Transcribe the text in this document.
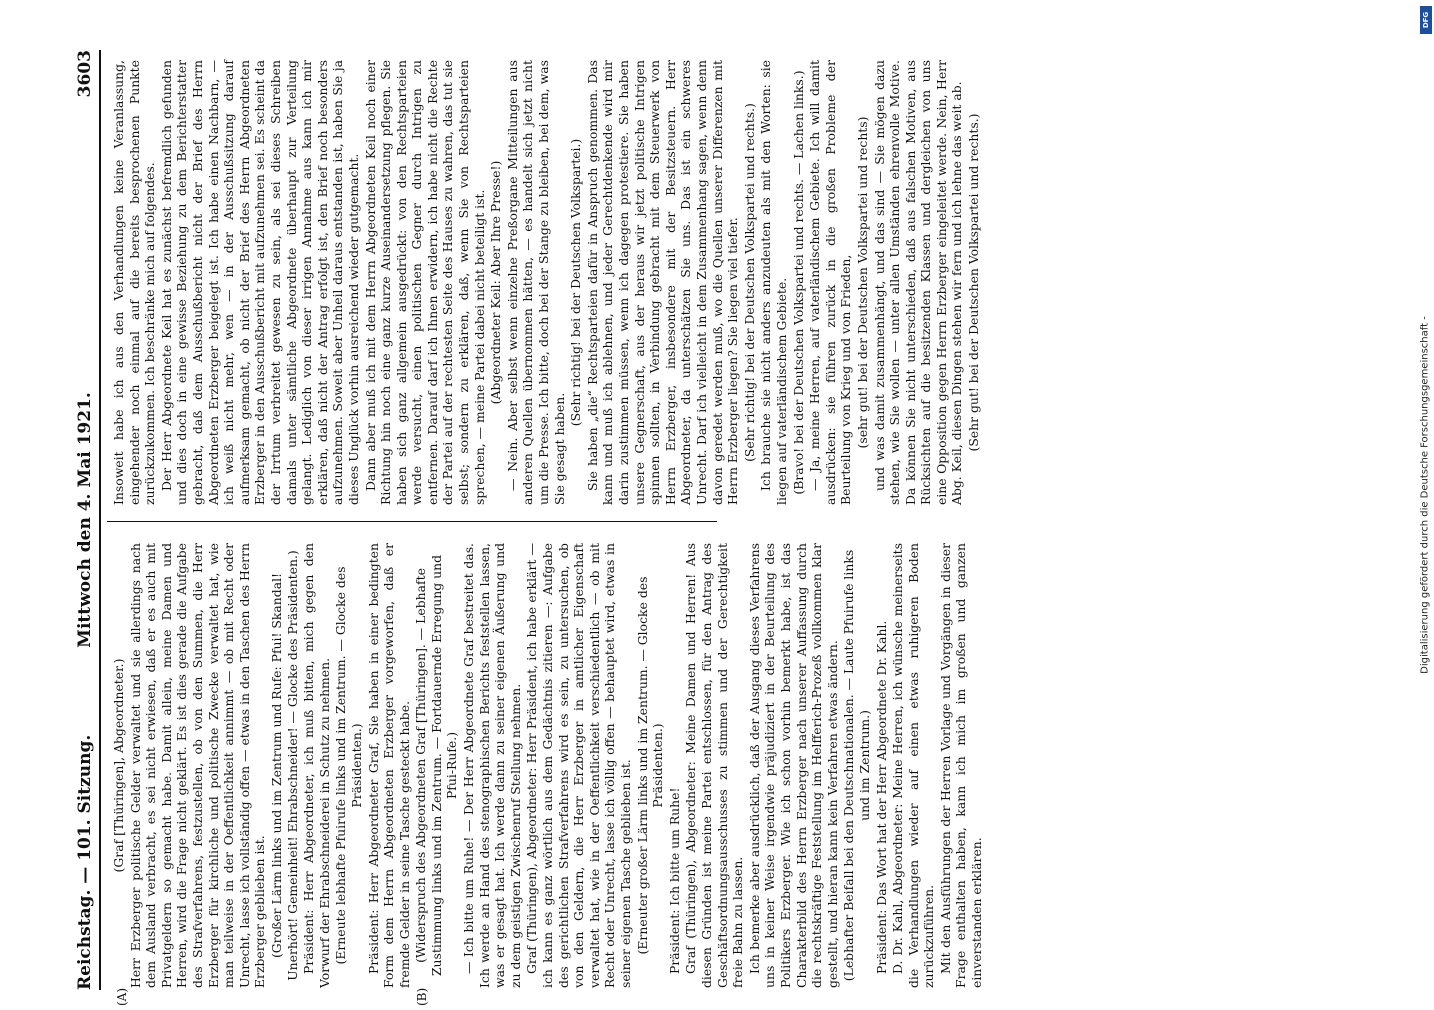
Reichstag. — 101. Sitzung.
Mittwoch den 4. Mai 1921.
3603
(A)	(B)

(Graf [Thüringen], Abgeordneter.) Herr Erzberger politische Gelder verwaltet und sie allerdings nach dem Ausland verbracht, es sei nicht erwiesen, daß er es auch mit Privatgeldern so gemacht habe. Damit allein, meine Damen und Herren, wird die Frage nicht geklärt. Es ist dies gerade die Aufgabe des Strafverfahrens, festzustellen, ob von den Summen, die Herr Erzberger für kirchliche und politische Zwecke verwaltet hat, wie man teilweise in der Oeffentlichkeit annimmt — ob mit Recht oder Unrecht, lasse ich vollständig offen — etwas in den Taschen des Herrn Erzberger geblieben ist. (Großer Lärm links und im Zentrum und Rufe: Pfui! Skandal! Unerhört! Gemeinheit! Ehrabschneider! — Glocke des Präsidenten.) Präsident: Herr Abgeordneter, ich muß bitten, mich gegen den Vorwurf der Ehrabschneiderei in Schutz zu nehmen. (Erneute lebhafte Pfuirufe links und im Zentrum. — Glocke des Präsidenten.) Präsident: Herr Abgeordneter Graf, Sie haben in einer bedingten Form dem Herrn Abgeordneten Erzberger vorgeworfen, daß er fremde Gelder in seine Tasche gesteckt habe. (Widerspruch des Abgeordneten Graf [Thüringen]. — Lebhafte Zustimmung links und im Zentrum. — Fortdauernde Erregung und Pfui-Rufe.) — Ich bitte um Ruhe! — Der Herr Abgeordnete Graf bestreitet das. Ich werde an Hand des stenographischen Berichts feststellen lassen, was er gesagt hat. Ich werde dann zu seiner eigenen Äußerung und zu dem geistigen Zwischenruf Stellung nehmen. Graf (Thüringen), Abgeordneter: Herr Präsident, ich habe erklärt — ich kann es ganz wörtlich aus dem Gedächtnis zitieren —: Aufgabe des gerichtlichen Strafverfahrens wird es sein, zu untersuchen, ob von den Geldern, die Herr Erzberger in amtlicher Eigenschaft verwaltet hat, wie in der Oeffentlichkeit verschiedentlich — ob mit Recht oder Unrecht, lasse ich völlig offen — behauptet wird, etwas in seiner eigenen Tasche geblieben ist. (Erneuter großer Lärm links und im Zentrum. — Glocke des Präsidenten.)

Präsident: Ich bitte um Ruhe! Graf (Thüringen), Abgeordneter: Meine Damen und Herren! Aus diesen Gründen ist meine Partei entschlossen, für den Antrag des Geschäftsordnungsausschusses zu stimmen und der Gerechtigkeit freie Bahn zu lassen. Ich bemerke aber ausdrücklich, daß der Ausgang dieses Verfahrens uns in keiner Weise irgendwie präjudiziert in der Beurteilung des Politikers Erzberger. Wie ich schon vorhin bemerkt habe, ist das Charakterbild des Herrn Erzberger nach unserer Auffassung durch die rechtskräftige Feststellung im Helfferich-Prozeß vollkommen klar gestellt, und hieran kann kein Verfahren etwas ändern. (Lebhafter Beifall bei den Deutschnationalen. — Laute Pfuirufe links und im Zentrum.) Präsident: Das Wort hat der Herr Abgeordnete Dr. Kahl. D. Dr. Kahl, Abgeordneter: Meine Herren, ich wünsche meinerseits die Verhandlungen wieder auf einen etwas ruhigeren Boden zurückzuführen. Mit den Ausführungen der Herren Vorlage und Vorgängen in dieser Frage enthalten haben, kann ich mich im großen und ganzen einverstanden erklären.

Insoweit habe ich aus den Verhandlungen keine Veranlassung, eingehender noch einmal auf die bereits besprochenen Punkte zurückzukommen. Ich beschränke mich auf folgendes. Der Herr Abgeordnete Keil hat es zunächst befremdlich gefunden und dies doch in eine gewisse Beziehung zu dem Berichterstatter gebracht, daß dem Ausschußbericht nicht der Brief des Herrn Abgeordneten Erzberger beigelegt ist. Ich habe einen Nachbarn, — ich weiß nicht mehr, wen — in der Ausschußsitzung darauf aufmerksam gemacht, ob nicht der Brief des Herrn Abgeordneten Erzberger in den Ausschußbericht mit aufzunehmen sei. Es scheint da der Irrtum verbreitet gewesen zu sein, als sei dieses Schreiben damals unter sämtliche Abgeordnete überhaupt zur Verteilung gelangt. Lediglich von dieser irrigen Annahme aus kann ich mir erklären, daß nicht der Antrag erfolgt ist, den Brief noch besonders aufzunehmen. Soweit aber Unheil daraus entstanden ist, haben Sie ja dieses Unglück vorhin ausreichend wieder gutgemacht. Dann aber muß ich mit dem Herrn Abgeordneten Keil noch einer Richtung hin noch eine ganz kurze Auseinandersetzung pflegen. Sie haben sich ganz allgemein ausgedrückt: von den Rechtsparteien werde versucht, einen politischen Gegner durch Intrigen zu entfernen. Darauf darf ich Ihnen erwidern, ich habe nicht die Rechte der Partei auf der rechtesten Seite des Hauses zu wahren, das tut sie selbst; sondern zu erklären, daß, wenn Sie von Rechtsparteien sprechen, — meine Partei dabei nicht beteiligt ist. (Abgeordneter Keil: Aber Ihre Presse!) — Nein. Aber selbst wenn einzelne Preßorgane Mitteilungen aus anderen Quellen übernommen hätten, — es handelt sich jetzt nicht um die Presse. Ich bitte, doch bei der Stange zu bleiben, bei dem, was Sie gesagt haben.

(Sehr richtig! bei der Deutschen Volkspartei.) Sie haben „die“ Rechtsparteien dafür in Anspruch genommen. Das kann und muß ich ablehnen, und jeder Gerechtdenkende wird mir darin zustimmen müssen, wenn ich dagegen protestiere. Sie haben unsere Gegnerschaft, aus der heraus wir jetzt politische Intrigen spinnen sollten, in Verbindung gebracht mit dem Steuerwerk von Herrn Erzberger, insbesondere mit der Besitzsteuern. Herr Abgeordneter, da unterschätzen Sie uns. Das ist ein schweres Unrecht. Darf ich vielleicht in dem Zusammenhang sagen, wenn denn davon geredet werden muß, wo die Quellen unserer Differenzen mit Herrn Erzberger liegen? Sie liegen viel tiefer. (Sehr richtig! bei der Deutschen Volkspartei und rechts.) Ich brauche sie nicht anders anzudeuten als mit den Worten: sie liegen auf vaterländischem Gebiete. (Bravo! bei der Deutschen Volkspartei und rechts. — Lachen links.) — Ja, meine Herren, auf vaterländischem Gebiete. Ich will damit ausdrücken: sie führen zurück in die großen Probleme der Beurteilung von Krieg und von Frieden, (sehr gut! bei der Deutschen Volkspartei und rechts) und was damit zusammenhängt, und das sind — Sie mögen dazu stehen, wie Sie wollen — unter allen Umständen ehrenvolle Motive. Da können Sie nicht unterschieden, daß aus falschen Motiven, aus Rücksichten auf die besitzenden Klassen und dergleichen von uns eine Opposition gegen Herrn Erzberger eingeleitet werde. Nein, Herr Abg. Keil, diesen Dingen stehen wir fern und ich lehne das weit ab. (Sehr gut! bei der Deutschen Volkspartei und rechts.)

DFG
Digitalisierung gefördert durch die Deutsche Forschungsgemeinschaft -
